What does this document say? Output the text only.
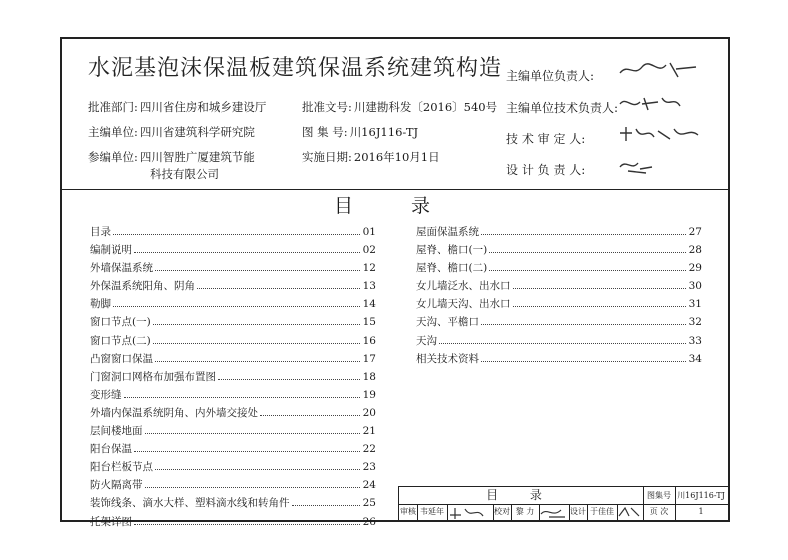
水泥基泡沫保温板建筑保温系统建筑构造
批准部门: 四川省住房和城乡建设厅	批准文号: 川建勘科发〔2016〕540号
主编单位: 四川省建筑科学研究院	图 集 号: 川16J116-TJ
参编单位: 四川智胜广厦建筑节能
科技有限公司
实施日期: 2016年10月1日
主编单位负责人:
主编单位技术负责人:
技 术 审 定 人:
设 计 负 责 人:
目 录
目录	01
编制说明	02
外墙保温系统	12
外保温系统阳角、阴角	13
勒脚	14
窗口节点(一)	15
窗口节点(二)	16
凸窗窗口保温	17
门窗洞口网格布加强布置图	18
变形缝	19
外墙内保温系统阴角、内外墙交接处	20
层间楼地面	21
阳台保温	22
阳台栏板节点	23
防火隔离带	24
装饰线条、滴水大样、塑料滴水线和转角件	25
托架详图	26
屋面保温系统	27
屋脊、檐口(一)	28
屋脊、檐口(二)	29
女儿墙泛水、出水口	30
女儿墙天沟、出水口	31
天沟、平檐口	32
天沟	33
相关技术资料	34
目 录	图集号 川16J116-TJ
审核 韦延年	校对 黎 力	设计 于佳佳	页 次	1
